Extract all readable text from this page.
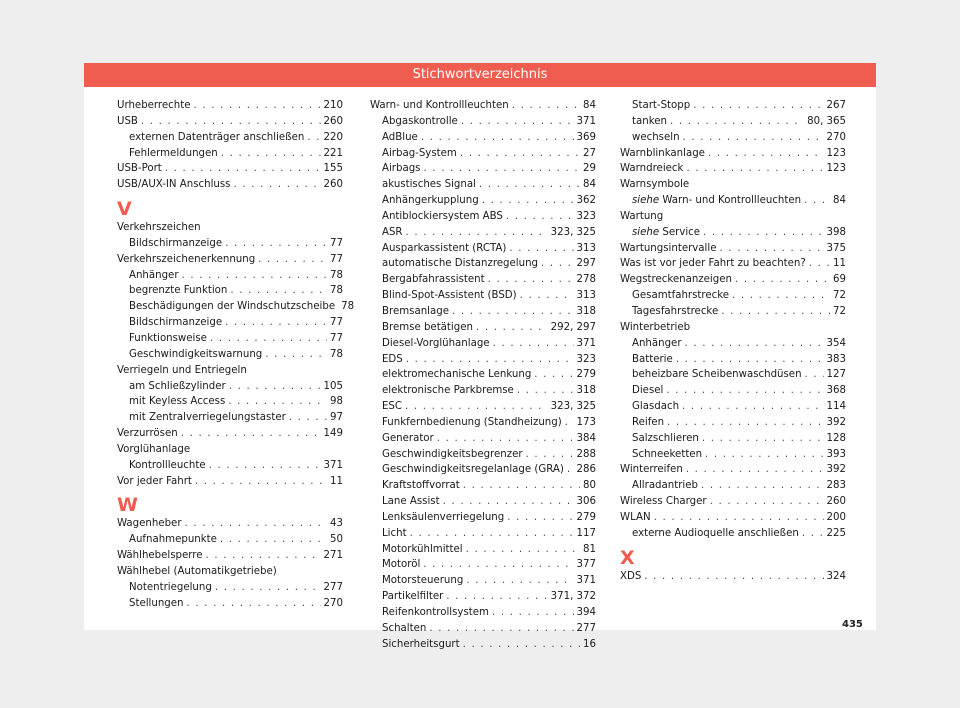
Stichwortverzeichnis
Urheberrechte . . .	210
USB . . .	260
externen Datenträger anschließen . . . 220
Fehlermeldungen . . .	221
USB-Port . . .	155
USB/AUX-IN Anschluss . . .	260
V
Verkehrszeichen
Bildschirmanzeige . . .	77
Verkehrszeichenerkennung . . .	77
Anhänger . . .	78
begrenzte Funktion . . .	78
Beschädigungen der Windschutzscheibe 78
Bildschirmanzeige . . .	77
Funktionsweise . . .	77
Geschwindigkeitswarnung . . .	78
Verriegeln und Entriegeln
am Schließzylinder . . .	105
mit Keyless Access . . .	98
mit Zentralverriegelungstaster . . .	97
Verzurrösen . . .	149
Vorglühanlage
Kontrollleuchte . . .	371
Vor jeder Fahrt . . .	11
W
Wagenheber . . .	43
Aufnahmepunkte . . .	50
Wählhebelsperre . . .	271
Wählhebel (Automatikgetriebe)
Notentriegelung . . .	277
Stellungen . . .	270
Warn- und Kontrollleuchten . . .	84
Abgaskontrolle . . .	371
AdBlue . . .	369
Airbag-System . . .	27
Airbags . . .	29
akustisches Signal . . .	84
Anhängerkupplung . . .	362
Antiblockiersystem ABS . . .	323
ASR . . .	323, 325
Ausparkassistent (RCTA) . . .	313
automatische Distanzregelung . . .	297
Bergabfahrassistent . . .	278
Blind-Spot-Assistent (BSD) . . .	313
Bremsanlage . . .	318
Bremse betätigen . . .	292, 297
Diesel-Vorglühanlage . . .	371
EDS . . .	323
elektromechanische Lenkung . . .	279
elektronische Parkbremse . . .	318
ESC . . .	323, 325
Funkfernbedienung (Standheizung) . . . 173
Generator . . .	384
Geschwindigkeitsbegrenzer . . .	288
Geschwindigkeitsregelanlage (GRA) . . . 286
Kraftstoffvorrat . . .	80
Lane Assist . . .	306
Lenksäulenverriegelung . . .	279
Licht . . .	117
Motorkühlmittel . . .	81
Motoröl . . .	377
Motorsteuerung . . .	371
Partikelfilter . . .	371, 372
Reifenkontrollsystem . . .	394
Schalten . . .	277
Sicherheitsgurt . . .	16
Start-Stopp . . .	267
tanken . . .	80, 365
wechseln . . .	270
Warnblinkanlage . . .	123
Warndreieck . . .	123
Warnsymbole
siehe Warn- und Kontrollleuchten . . .	84
Wartung
siehe Service . . .	398
Wartungsintervalle . . .	375
Was ist vor jeder Fahrt zu beachten? . . .	11
Wegstreckenanzeigen . . .	69
Gesamtfahrstrecke . . .	72
Tagesfahrstrecke . . .	72
Winterbetrieb
Anhänger . . .	354
Batterie . . .	383
beheizbare Scheibenwaschdüsen . . . 127
Diesel . . .	368
Glasdach . . .	114
Reifen . . .	392
Salzschlieren . . .	128
Schneeketten . . .	393
Winterreifen . . .	392
Allradantrieb . . .	283
Wireless Charger . . .	260
WLAN . . .	200
externe Audioquelle anschließen . . .	225
X
XDS . . .	324
435
